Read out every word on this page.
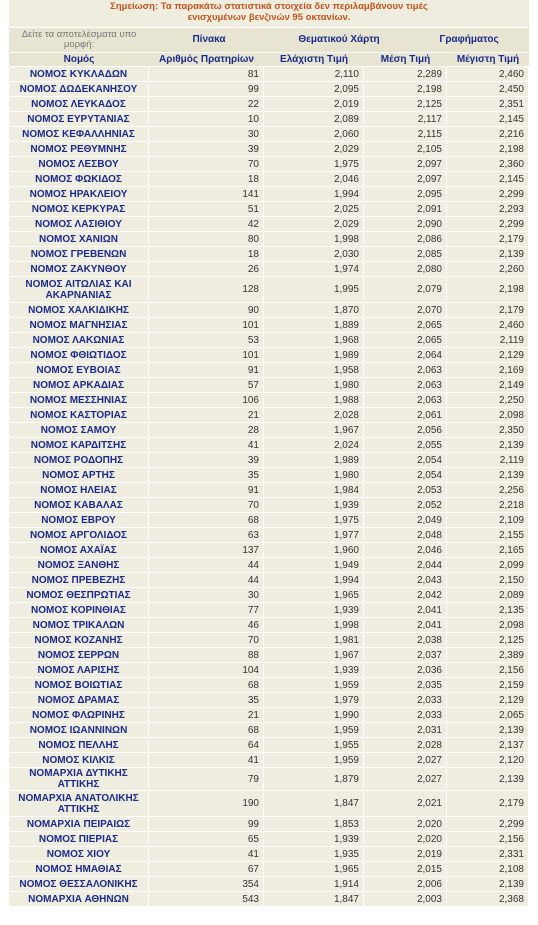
Σημείωση: Τα παρακάτω στατιστικά στοιχεία δεν περιλαμβάνουν τιμές
ενισχυμένων βενζινών 95 οκτανίων.
Δείτε τα αποτελέσματα υπο μορφή:	Πίνακα	Θεματικού Χάρτη	Γραφήματος
Νομός	Αριθμός Πρατηρίων	Ελάχιστη Τιμή	Μέση Τιμή	Μέγιστη Τιμή
ΝΟΜΟΣ ΚΥΚΛΑΔΩΝ	81	2,110	2,289	2,460
ΝΟΜΟΣ ΔΩΔΕΚΑΝΗΣΟΥ	99	2,095	2,198	2,450
ΝΟΜΟΣ ΛΕΥΚΑΔΟΣ	22	2,019	2,125	2,351
ΝΟΜΟΣ ΕΥΡΥΤΑΝΙΑΣ	10	2,089	2,117	2,145
ΝΟΜΟΣ ΚΕΦΑΛΛΗΝΙΑΣ	30	2,060	2,115	2,216
ΝΟΜΟΣ ΡΕΘΥΜΝΗΣ	39	2,029	2,105	2,198
ΝΟΜΟΣ ΛΕΣΒΟΥ	70	1,975	2,097	2,360
ΝΟΜΟΣ ΦΩΚΙΔΟΣ	18	2,046	2,097	2,145
ΝΟΜΟΣ ΗΡΑΚΛΕΙΟΥ	141	1,994	2,095	2,299
ΝΟΜΟΣ ΚΕΡΚΥΡΑΣ	51	2,025	2,091	2,293
ΝΟΜΟΣ ΛΑΣΙΘΙΟΥ	42	2,029	2,090	2,299
ΝΟΜΟΣ ΧΑΝΙΩΝ	80	1,998	2,086	2,179
ΝΟΜΟΣ ΓΡΕΒΕΝΩΝ	18	2,030	2,085	2,139
ΝΟΜΟΣ ΖΑΚΥΝΘΟΥ	26	1,974	2,080	2,260
ΝΟΜΟΣ ΑΙΤΩΛΙΑΣ ΚΑΙ ΑΚΑΡΝΑΝΙΑΣ	128	1,995	2,079	2,198
ΝΟΜΟΣ ΧΑΛΚΙΔΙΚΗΣ	90	1,870	2,070	2,179
ΝΟΜΟΣ ΜΑΓΝΗΣΙΑΣ	101	1,889	2,065	2,460
ΝΟΜΟΣ ΛΑΚΩΝΙΑΣ	53	1,968	2,065	2,119
ΝΟΜΟΣ ΦΘΙΩΤΙΔΟΣ	101	1,989	2,064	2,129
ΝΟΜΟΣ ΕΥΒΟΙΑΣ	91	1,958	2,063	2,169
ΝΟΜΟΣ ΑΡΚΑΔΙΑΣ	57	1,980	2,063	2,149
ΝΟΜΟΣ ΜΕΣΣΗΝΙΑΣ	106	1,988	2,063	2,250
ΝΟΜΟΣ ΚΑΣΤΟΡΙΑΣ	21	2,028	2,061	2,098
ΝΟΜΟΣ ΣΑΜΟΥ	28	1,967	2,056	2,350
ΝΟΜΟΣ ΚΑΡΔΙΤΣΗΣ	41	2,024	2,055	2,139
ΝΟΜΟΣ ΡΟΔΟΠΗΣ	39	1,989	2,054	2,119
ΝΟΜΟΣ ΑΡΤΗΣ	35	1,980	2,054	2,139
ΝΟΜΟΣ ΗΛΕΙΑΣ	91	1,984	2,053	2,256
ΝΟΜΟΣ ΚΑΒΑΛΑΣ	70	1,939	2,052	2,218
ΝΟΜΟΣ ΕΒΡΟΥ	68	1,975	2,049	2,109
ΝΟΜΟΣ ΑΡΓΟΛΙΔΟΣ	63	1,977	2,048	2,155
ΝΟΜΟΣ ΑΧΑΪΑΣ	137	1,960	2,046	2,165
ΝΟΜΟΣ ΞΑΝΘΗΣ	44	1,949	2,044	2,099
ΝΟΜΟΣ ΠΡΕΒΕΖΗΣ	44	1,994	2,043	2,150
ΝΟΜΟΣ ΘΕΣΠΡΩΤΙΑΣ	30	1,965	2,042	2,089
ΝΟΜΟΣ ΚΟΡΙΝΘΙΑΣ	77	1,939	2,041	2,135
ΝΟΜΟΣ ΤΡΙΚΑΛΩΝ	46	1,998	2,041	2,098
ΝΟΜΟΣ ΚΟΖΑΝΗΣ	70	1,981	2,038	2,125
ΝΟΜΟΣ ΣΕΡΡΩΝ	88	1,967	2,037	2,389
ΝΟΜΟΣ ΛΑΡΙΣΗΣ	104	1,939	2,036	2,156
ΝΟΜΟΣ ΒΟΙΩΤΙΑΣ	68	1,959	2,035	2,159
ΝΟΜΟΣ ΔΡΑΜΑΣ	35	1,979	2,033	2,129
ΝΟΜΟΣ ΦΛΩΡΙΝΗΣ	21	1,990	2,033	2,065
ΝΟΜΟΣ ΙΩΑΝΝΙΝΩΝ	68	1,959	2,031	2,139
ΝΟΜΟΣ ΠΕΛΛΗΣ	64	1,955	2,028	2,137
ΝΟΜΟΣ ΚΙΛΚΙΣ	41	1,959	2,027	2,120
ΝΟΜΑΡΧΙΑ ΔΥΤΙΚΗΣ ΑΤΤΙΚΗΣ	79	1,879	2,027	2,139
ΝΟΜΑΡΧΙΑ ΑΝΑΤΟΛΙΚΗΣ ΑΤΤΙΚΗΣ	190	1,847	2,021	2,179
ΝΟΜΑΡΧΙΑ ΠΕΙΡΑΙΩΣ	99	1,853	2,020	2,299
ΝΟΜΟΣ ΠΙΕΡΙΑΣ	65	1,939	2,020	2,156
ΝΟΜΟΣ ΧΙΟΥ	41	1,935	2,019	2,331
ΝΟΜΟΣ ΗΜΑΘΙΑΣ	67	1,965	2,015	2,108
ΝΟΜΟΣ ΘΕΣΣΑΛΟΝΙΚΗΣ	354	1,914	2,006	2,139
ΝΟΜΑΡΧΙΑ ΑΘΗΝΩΝ	543	1,847	2,003	2,368
